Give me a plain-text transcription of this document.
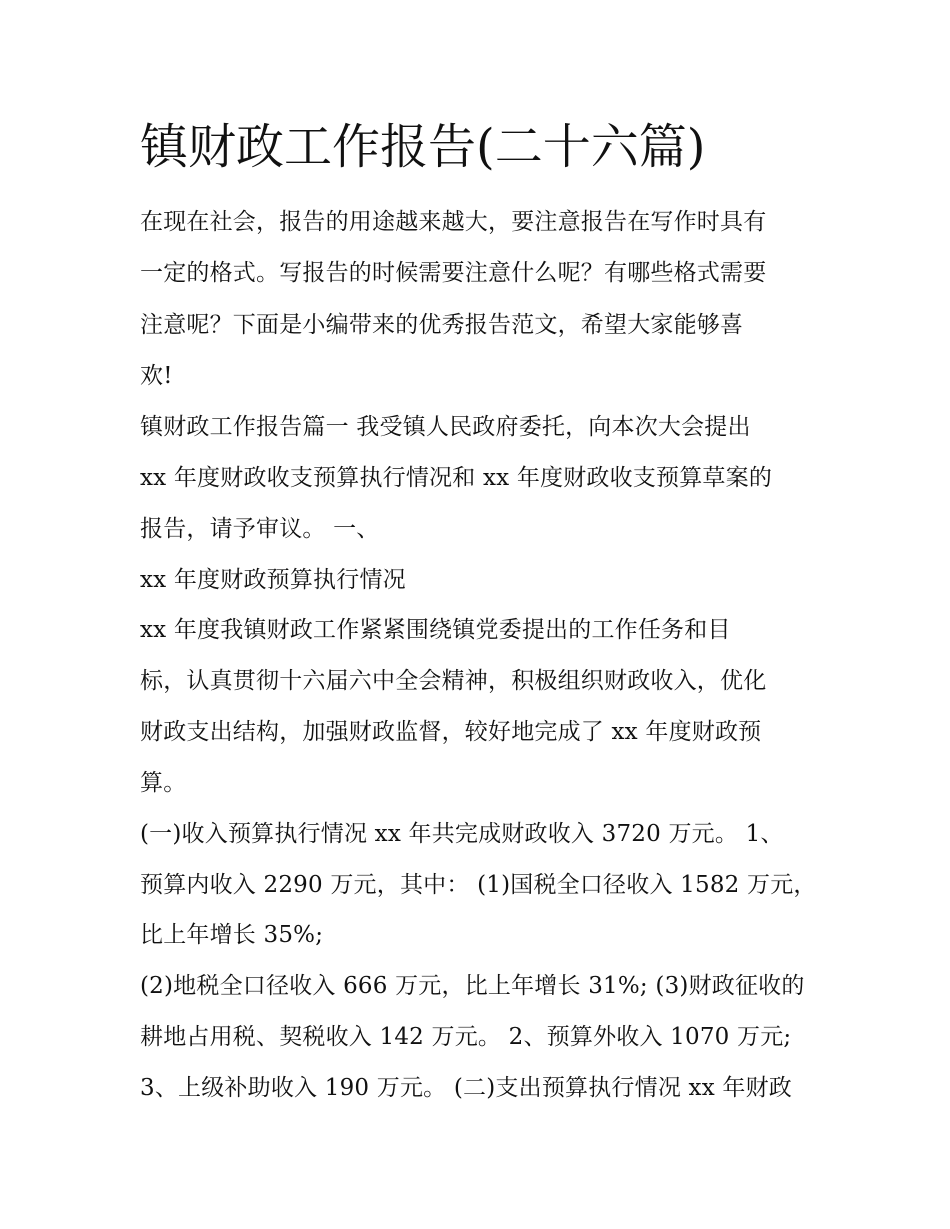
镇财政工作报告(二十六篇)

在现在社会，报告的用途越来越大，要注意报告在写作时具有

一定的格式。写报告的时候需要注意什么呢？有哪些格式需要

注意呢？下面是小编带来的优秀报告范文，希望大家能够喜

欢!

镇财政工作报告篇一 我受镇人民政府委托，向本次大会提出

xx 年度财政收支预算执行情况和 xx 年度财政收支预算草案的

报告，请予审议。 一、

xx 年度财政预算执行情况

xx 年度我镇财政工作紧紧围绕镇党委提出的工作任务和目

标，认真贯彻十六届六中全会精神，积极组织财政收入，优化

财政支出结构，加强财政监督，较好地完成了 xx 年度财政预

算。

(一)收入预算执行情况 xx 年共完成财政收入 3720 万元。 1、

预算内收入 2290 万元，其中： (1)国税全口径收入 1582 万元，

比上年增长 35%;

(2)地税全口径收入 666 万元，比上年增长 31%; (3)财政征收的

耕地占用税、契税收入 142 万元。 2、预算外收入 1070 万元;

3、上级补助收入 190 万元。 (二)支出预算执行情况 xx 年财政
